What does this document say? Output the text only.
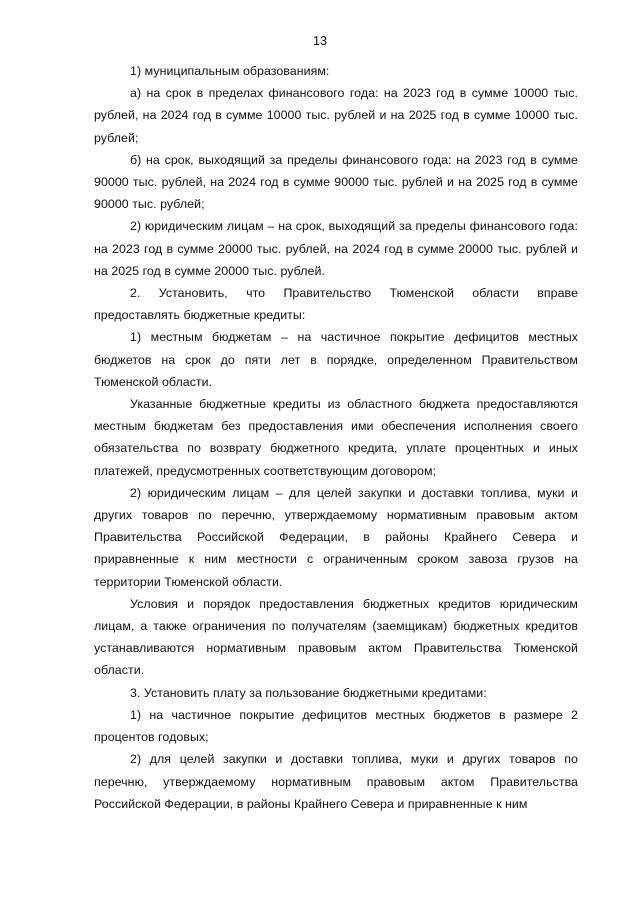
13

1) муниципальным образованиям:

а) на срок в пределах финансового года: на 2023 год в сумме 10000 тыс. рублей, на 2024 год в сумме 10000 тыс. рублей и на 2025 год в сумме 10000 тыс. рублей;

б) на срок, выходящий за пределы финансового года: на 2023 год в сумме 90000 тыс. рублей, на 2024 год в сумме 90000 тыс. рублей и на 2025 год в сумме 90000 тыс. рублей;

2) юридическим лицам – на срок, выходящий за пределы финансового года: на 2023 год в сумме 20000 тыс. рублей, на 2024 год в сумме 20000 тыс. рублей и на 2025 год в сумме 20000 тыс. рублей.

2. Установить, что Правительство Тюменской области вправе предоставлять бюджетные кредиты:

1) местным бюджетам – на частичное покрытие дефицитов местных бюджетов на срок до пяти лет в порядке, определенном Правительством Тюменской области.

Указанные бюджетные кредиты из областного бюджета предоставляются местным бюджетам без предоставления ими обеспечения исполнения своего обязательства по возврату бюджетного кредита, уплате процентных и иных платежей, предусмотренных соответствующим договором;

2) юридическим лицам – для целей закупки и доставки топлива, муки и других товаров по перечню, утверждаемому нормативным правовым актом Правительства Российской Федерации, в районы Крайнего Севера и приравненные к ним местности с ограниченным сроком завоза грузов на территории Тюменской области.

Условия и порядок предоставления бюджетных кредитов юридическим лицам, а также ограничения по получателям (заемщикам) бюджетных кредитов устанавливаются нормативным правовым актом Правительства Тюменской области.

3. Установить плату за пользование бюджетными кредитами:

1) на частичное покрытие дефицитов местных бюджетов в размере 2 процентов годовых;

2) для целей закупки и доставки топлива, муки и других товаров по перечню, утверждаемому нормативным правовым актом Правительства Российской Федерации, в районы Крайнего Севера и приравненные к ним
